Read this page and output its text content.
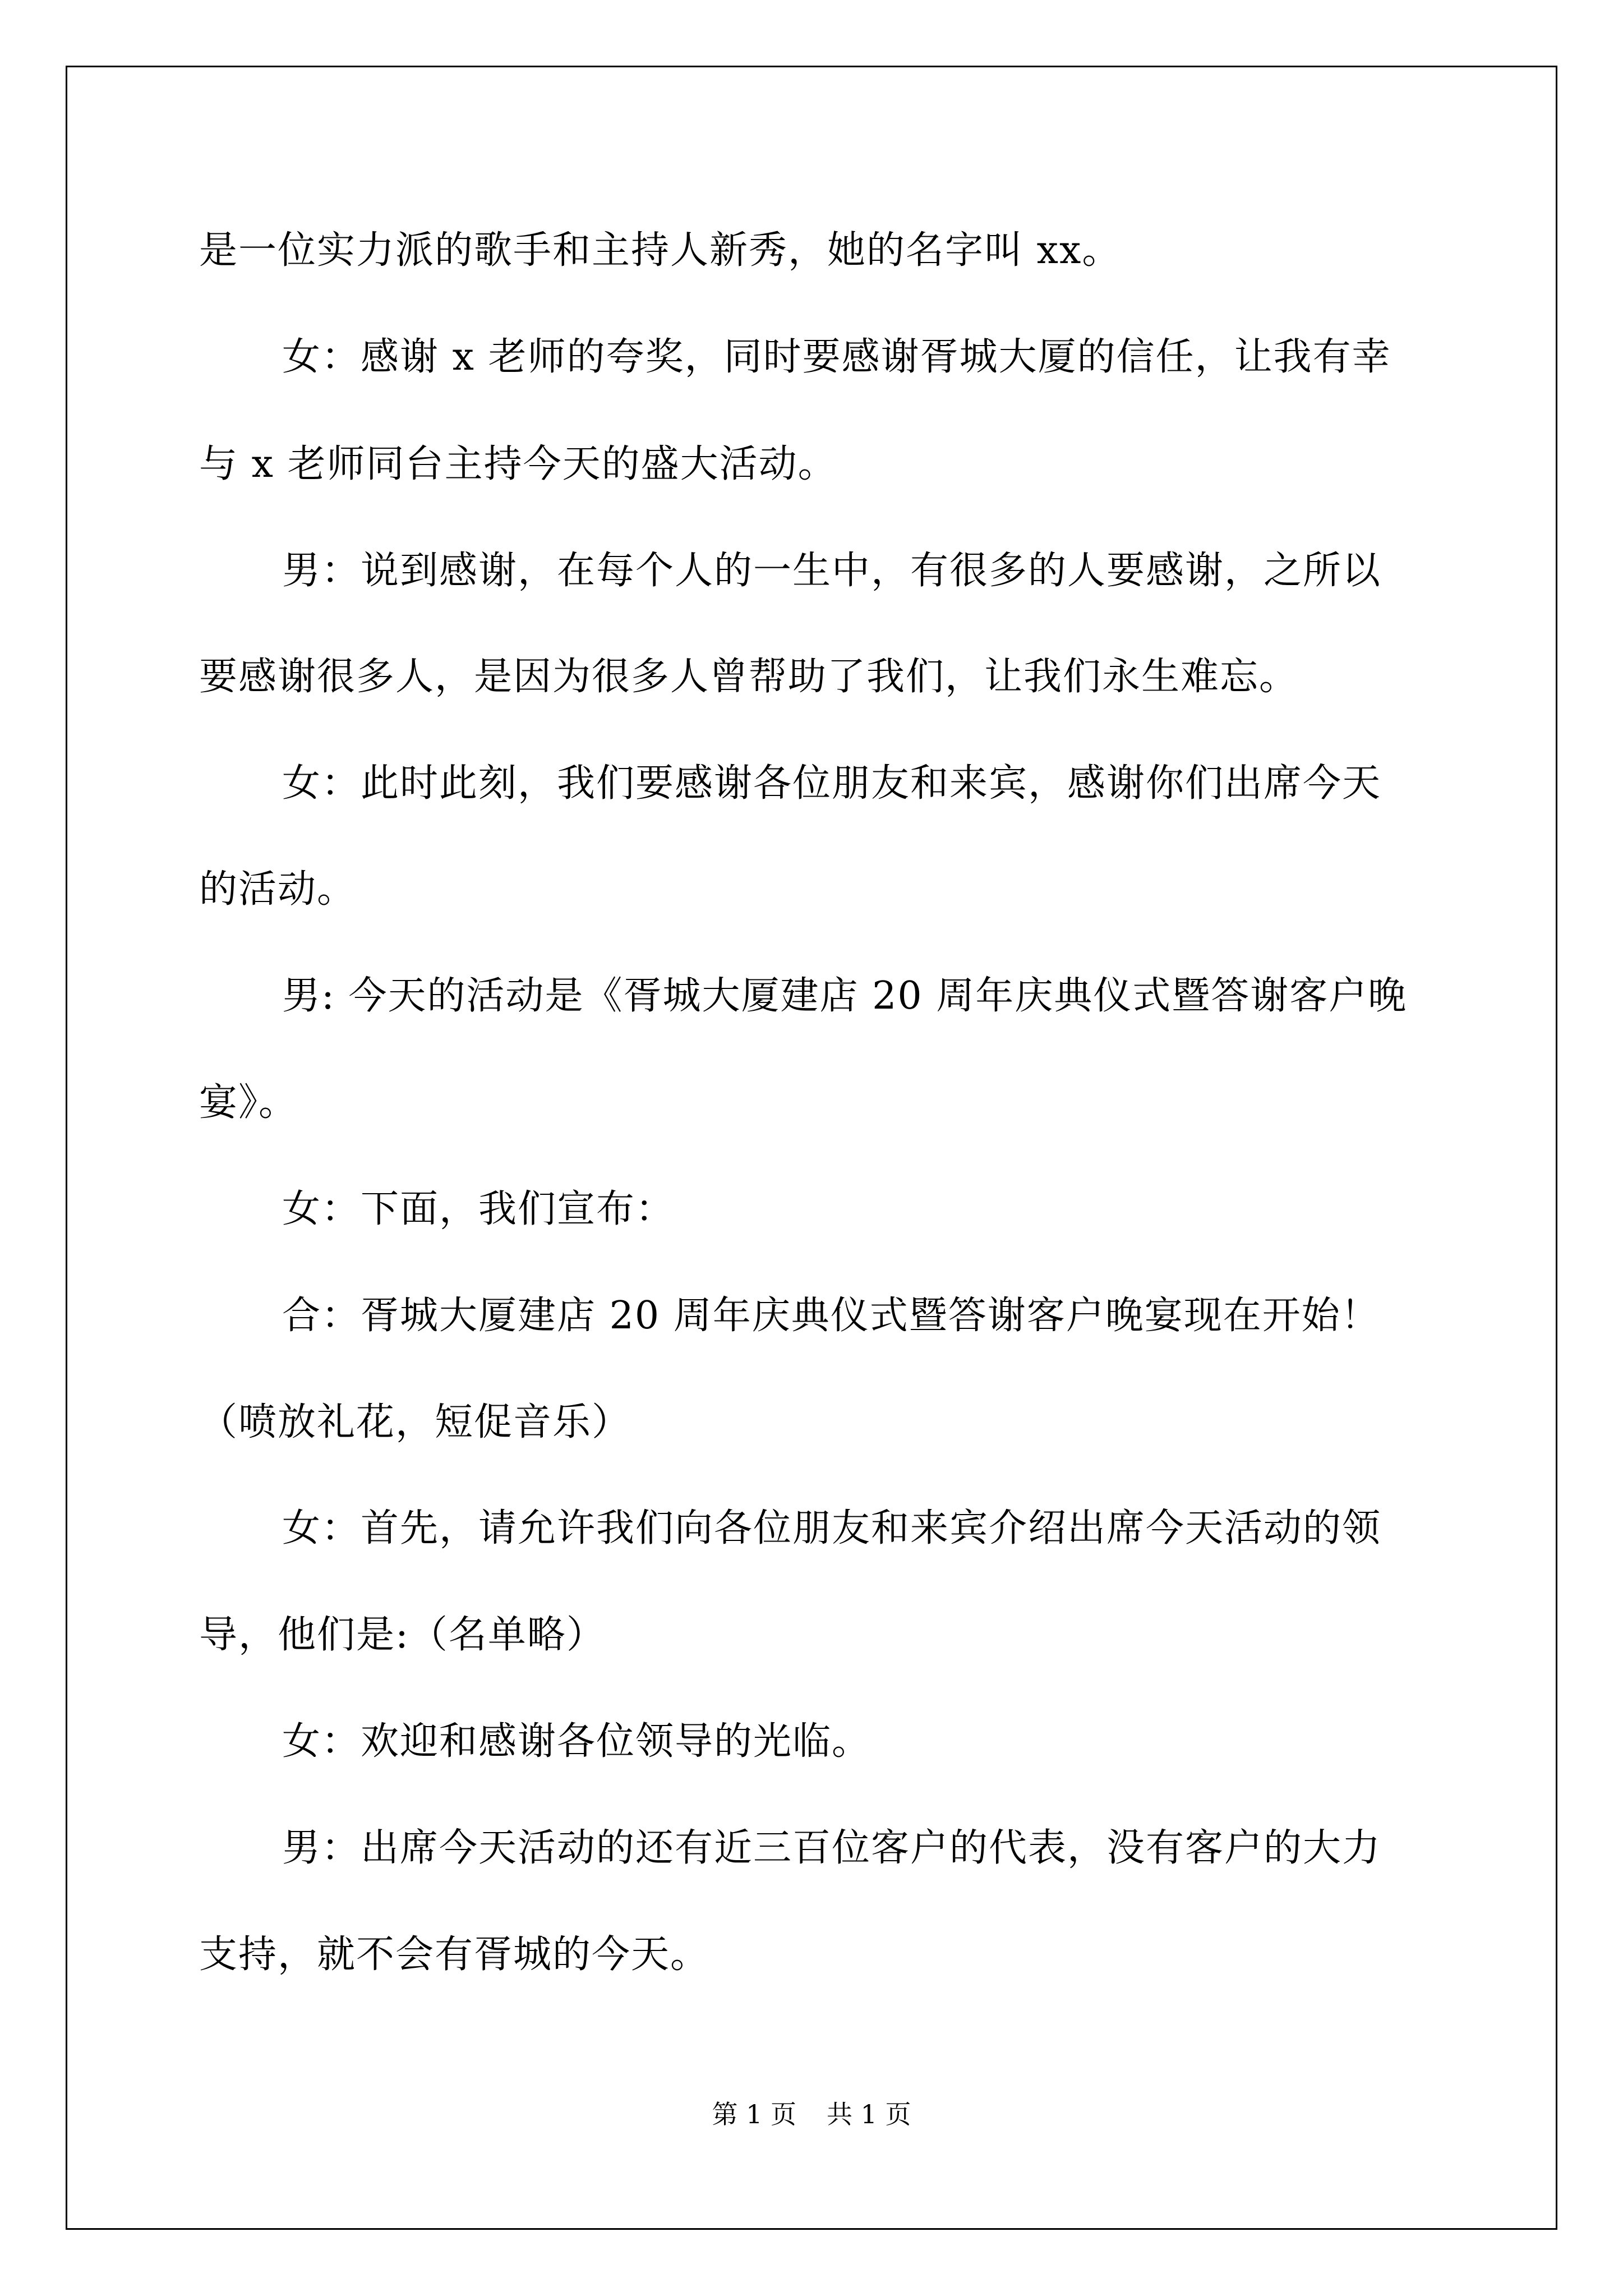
是一位实力派的歌手和主持人新秀，她的名字叫 xx。
女：感谢 x 老师的夸奖，同时要感谢胥城大厦的信任，让我有幸
与 x 老师同台主持今天的盛大活动。
男：说到感谢，在每个人的一生中，有很多的人要感谢，之所以
要感谢很多人，是因为很多人曾帮助了我们，让我们永生难忘。
女：此时此刻，我们要感谢各位朋友和来宾，感谢你们出席今天
的活动。
男: 今天的活动是《胥城大厦建店 20 周年庆典仪式暨答谢客户晚
宴》。
女：下面，我们宣布：
合：胥城大厦建店 20 周年庆典仪式暨答谢客户晚宴现在开始！
（喷放礼花，短促音乐）
女：首先，请允许我们向各位朋友和来宾介绍出席今天活动的领
导，他们是:（名单略）
女：欢迎和感谢各位领导的光临。
男：出席今天活动的还有近三百位客户的代表，没有客户的大力
支持，就不会有胥城的今天。
第 1 页 共 1 页
